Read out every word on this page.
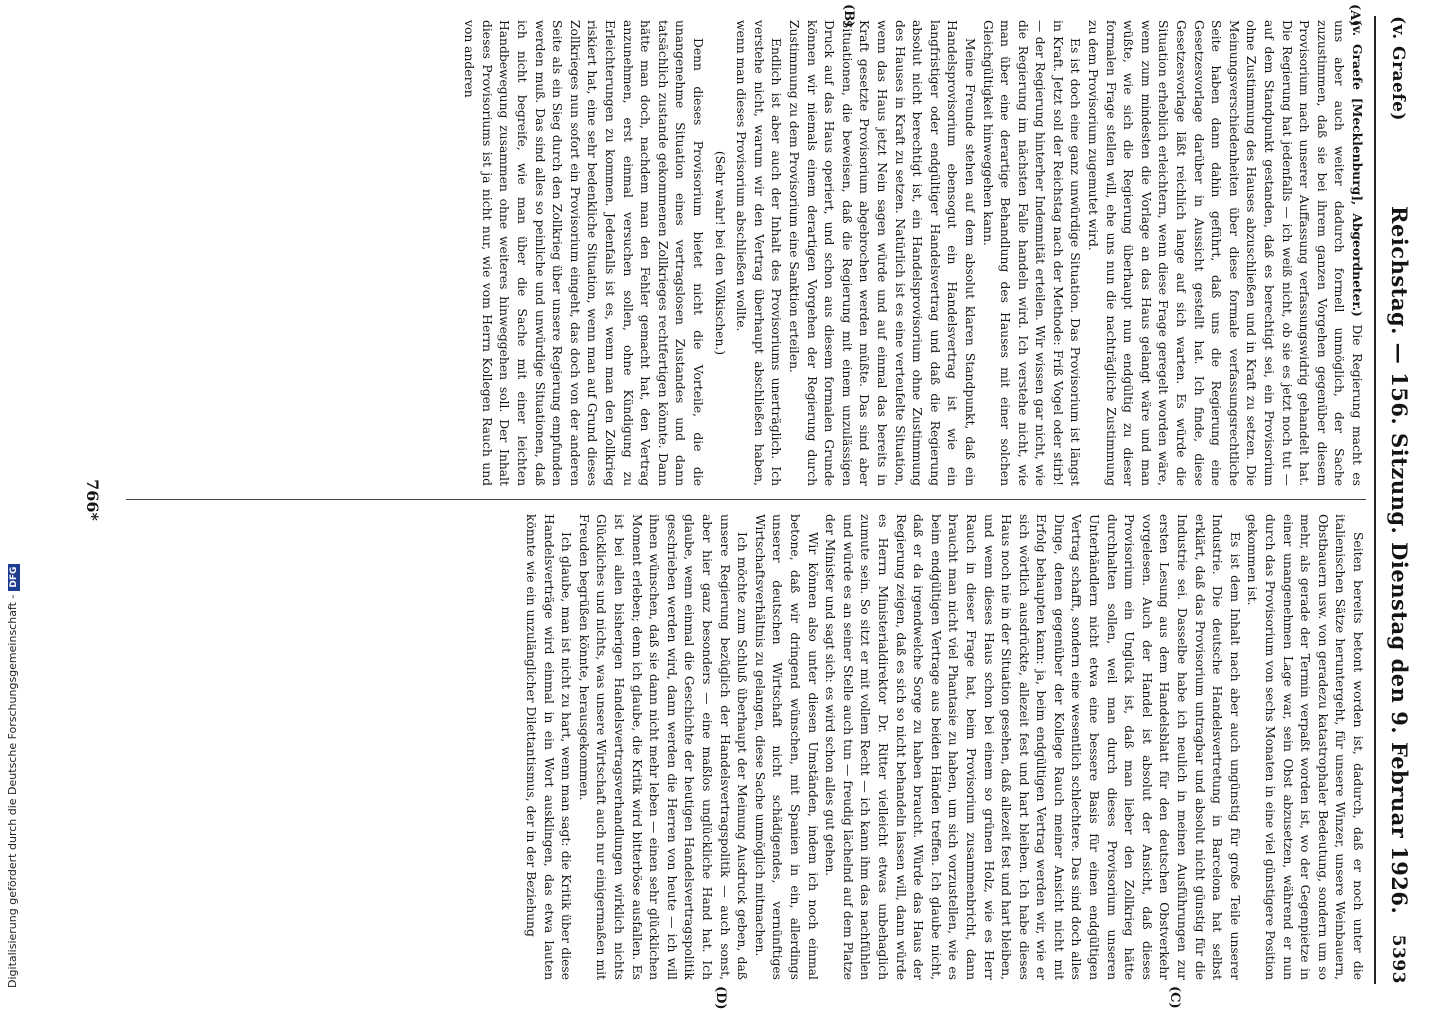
Digitalisierung gefördert durch die Deutsche Forschungsgemeinschaft -DFG
(v. Graefe)
Reichstag. — 156. Sitzung. Dienstag den 9. Februar 1926.
5393
(A)
(B)
(C)
(D)

(v. Graefe [Mecklenburg], Abgeordneter.) Die Regierung macht es uns aber auch weiter dadurch formell unmöglich, der Sache zuzustimmen, daß sie bei ihrem ganzen Vorgehen gegenüber diesem Provisorium nach unserer Auffassung verfassungswidrig gehandelt hat. Die Regierung hat jedenfalls — ich weiß nicht, ob sie es jetzt noch tut — auf dem Standpunkt gestanden, daß es berechtigt sei, ein Provisorium ohne Zustimmung des Hauses abzuschließen und in Kraft zu setzen. Die Meinungsverschiedenheiten über diese formale verfassungsrechtliche Seite haben dann dahin geführt, daß uns die Regierung eine Gesetzesvorlage darüber in Aussicht gestellt hat. Ich finde, diese Gesetzesvorlage läßt reichlich lange auf sich warten. Es würde die Situation erheblich erleichtern, wenn diese Frage geregelt worden wäre, wenn zum mindesten die Vorlage an das Haus gelangt wäre und man wüßte, wie sich die Regierung überhaupt nun endgültig zu dieser formalen Frage stellen will, ehe uns nun die nachträgliche Zustimmung zu dem Provisorium zugemutet wird.

Es ist doch eine ganz unwürdige Situation. Das Provisorium ist längst in Kraft. Jetzt soll der Reichstag nach der Methode: Friß Vogel oder stirb! — der Regierung hinterher Indemnität erteilen. Wir wissen gar nicht, wie die Regierung im nächsten Falle handeln wird. Ich verstehe nicht, wie man über eine derartige Behandlung des Hauses mit einer solchen Gleichgültigkeit hinweggehen kann.

Meine Freunde stehen auf dem absolut klaren Standpunkt, daß ein Handelsprovisorium ebensogut ein Handelsvertrag ist wie ein langfristiger oder endgültiger Handelsvertrag und daß die Regierung absolut nicht berechtigt ist, ein Handelsprovisorium ohne Zustimmung des Hauses in Kraft zu setzen. Natürlich ist es eine verteufelte Situation, wenn das Haus jetzt Nein sagen würde und auf einmal das bereits in Kraft gesetzte Provisorium abgebrochen werden müßte. Das sind aber Situationen, die beweisen, daß die Regierung mit einem unzulässigen Druck auf das Haus operiert, und schon aus diesem formalen Grunde können wir niemals einem derartigen Vorgehen der Regierung durch Zustimmung zu dem Provisorium eine Sanktion erteilen.

Endlich ist aber auch der Inhalt des Provisoriums unerträglich. Ich verstehe nicht, warum wir den Vertrag überhaupt abschließen haben, wenn man dieses Provisorium abschließen wollte.

(Sehr wahr! bei den Völkischen.)

Denn dieses Provisorium bietet nicht die Vorteile, die die unangenehme Situation eines vertragslosen Zustandes und dann tatsächlich zustande gekommenen Zollkrieges rechtfertigen könnte. Dann hätte man doch, nachdem man den Fehler gemacht hat, den Vertrag anzunehmen, erst einmal versuchen sollen, ohne Kündigung zu Erleichterungen zu kommen. Jedenfalls ist es, wenn man den Zollkrieg riskiert hat, eine sehr bedenkliche Situation, wenn man auf Grund dieses Zollkrieges nun sofort ein Provisorium eingeht, das doch von der anderen Seite als ein Sieg durch den Zollkrieg über unsere Regierung empfunden werden muß. Das sind alles so peinliche und unwürdige Situationen, daß ich nicht begreife, wie man über die Sache mit einer leichten Handbewegung zusammen ohne weiteres hinweggehen soll. Der Inhalt dieses Provisoriums ist ja nicht nur, wie vom Herrn Kollegen Rauch und von anderen

Seiten bereits betont worden ist, dadurch, daß er noch unter die italienischen Sätze heruntergeht, für unsere Winzer, unsere Weinbauern, Obstbauern usw. von geradezu katastrophaler Bedeutung, sondern um so mehr, als gerade der Termin verpaßt worden ist, wo der Gegenpietze in einer unangenehmen Lage war, sein Obst abzusetzen, während er nun durch das Provisorium von sechs Monaten in eine viel günstigere Position gekommen ist.

Es ist dem Inhalt nach aber auch ungünstig für große Teile unserer Industrie. Die deutsche Handelsvertretung in Barcelona hat selbst erklärt, daß das Provisorium untragbar und absolut nicht günstig für die Industrie sei. Dasselbe habe ich neulich in meinen Ausführungen zur ersten Lesung aus dem Handelsblatt für den deutschen Obstverkehr vorgelesen. Auch der Handel ist absolut der Ansicht, daß dieses Provisorium ein Unglück ist, daß man lieber den Zollkrieg hätte durchhalten sollen, weil man durch dieses Provisorium unseren Unterhändlern nicht etwa eine bessere Basis für einen endgültigen Vertrag schafft, sondern eine wesentlich schlechtere. Das sind doch alles Dinge, denen gegenüber der Kollege Rauch meiner Ansicht nicht mit Erfolg behaupten kann: ja, beim endgültigen Vertrag werden wir, wie er sich wörtlich ausdrückte, allezeit fest und hart bleiben. Ich habe dieses Haus noch nie in der Situation gesehen, daß allezeit fest und hart bleiben, und wenn dieses Haus schon bei einem so grünen Holz, wie es Herr Rauch in dieser Frage hat, beim Provisorium zusammenbricht, dann braucht man nicht viel Phantasie zu haben, um sich vorzustellen, wie es beim endgültigen Vertrage aus beiden Händen treffen. Ich glaube nicht, daß er da irgendwelche Sorge zu haben braucht. Würde das Haus der Regierung zeigen, daß es sich so nicht behandeln lassen will, dann würde es Herrn Ministerialdirektor Dr. Ritter vielleicht etwas unbehaglich zumute sein. So sitzt er mit vollem Recht — ich kann ihm das nachfühlen und würde es an seiner Stelle auch tun — freudig lächelnd auf dem Platze der Minister und sagt sich: es wird schon alles gut gehen.

Wir können also unter diesen Umständen, indem ich noch einmal betone, daß wir dringend wünschen, mit Spanien in ein, allerdings unserer deutschen Wirtschaft nicht schädigendes, vernünftiges Wirtschaftsverhältnis zu gelangen, diese Sache unmöglich mitmachen.

Ich möchte zum Schluß überhaupt der Meinung Ausdruck geben, daß unsere Regierung bezüglich der Handelsvertragspolitik — auch sonst, aber hier ganz besonders — eine maßlos unglückliche Hand hat. Ich glaube, wenn einmal die Geschichte der heutigen Handelsvertragspolitik geschrieben werden wird, dann werden die Herren von heute — ich will ihnen wünschen, daß sie dann nicht mehr leben — einen sehr glücklichen Moment erleben; denn ich glaube, die Kritik wird bitterböse ausfallen. Es ist bei allen bisherigen Handelsvertragsverhandlungen wirklich nichts Glückliches und nichts, was unsere Wirtschaft auch nur einigermaßen mit Freuden begrüßen könnte, herausgekommen.

Ich glaube, man ist nicht zu hart, wenn man sagt: die Kritik über diese Handelsverträge wird einmal in ein Wort ausklingen, das etwa lauten könnte wie ein unzulänglicher Dilettantismus, der in der Beziehung

766*
